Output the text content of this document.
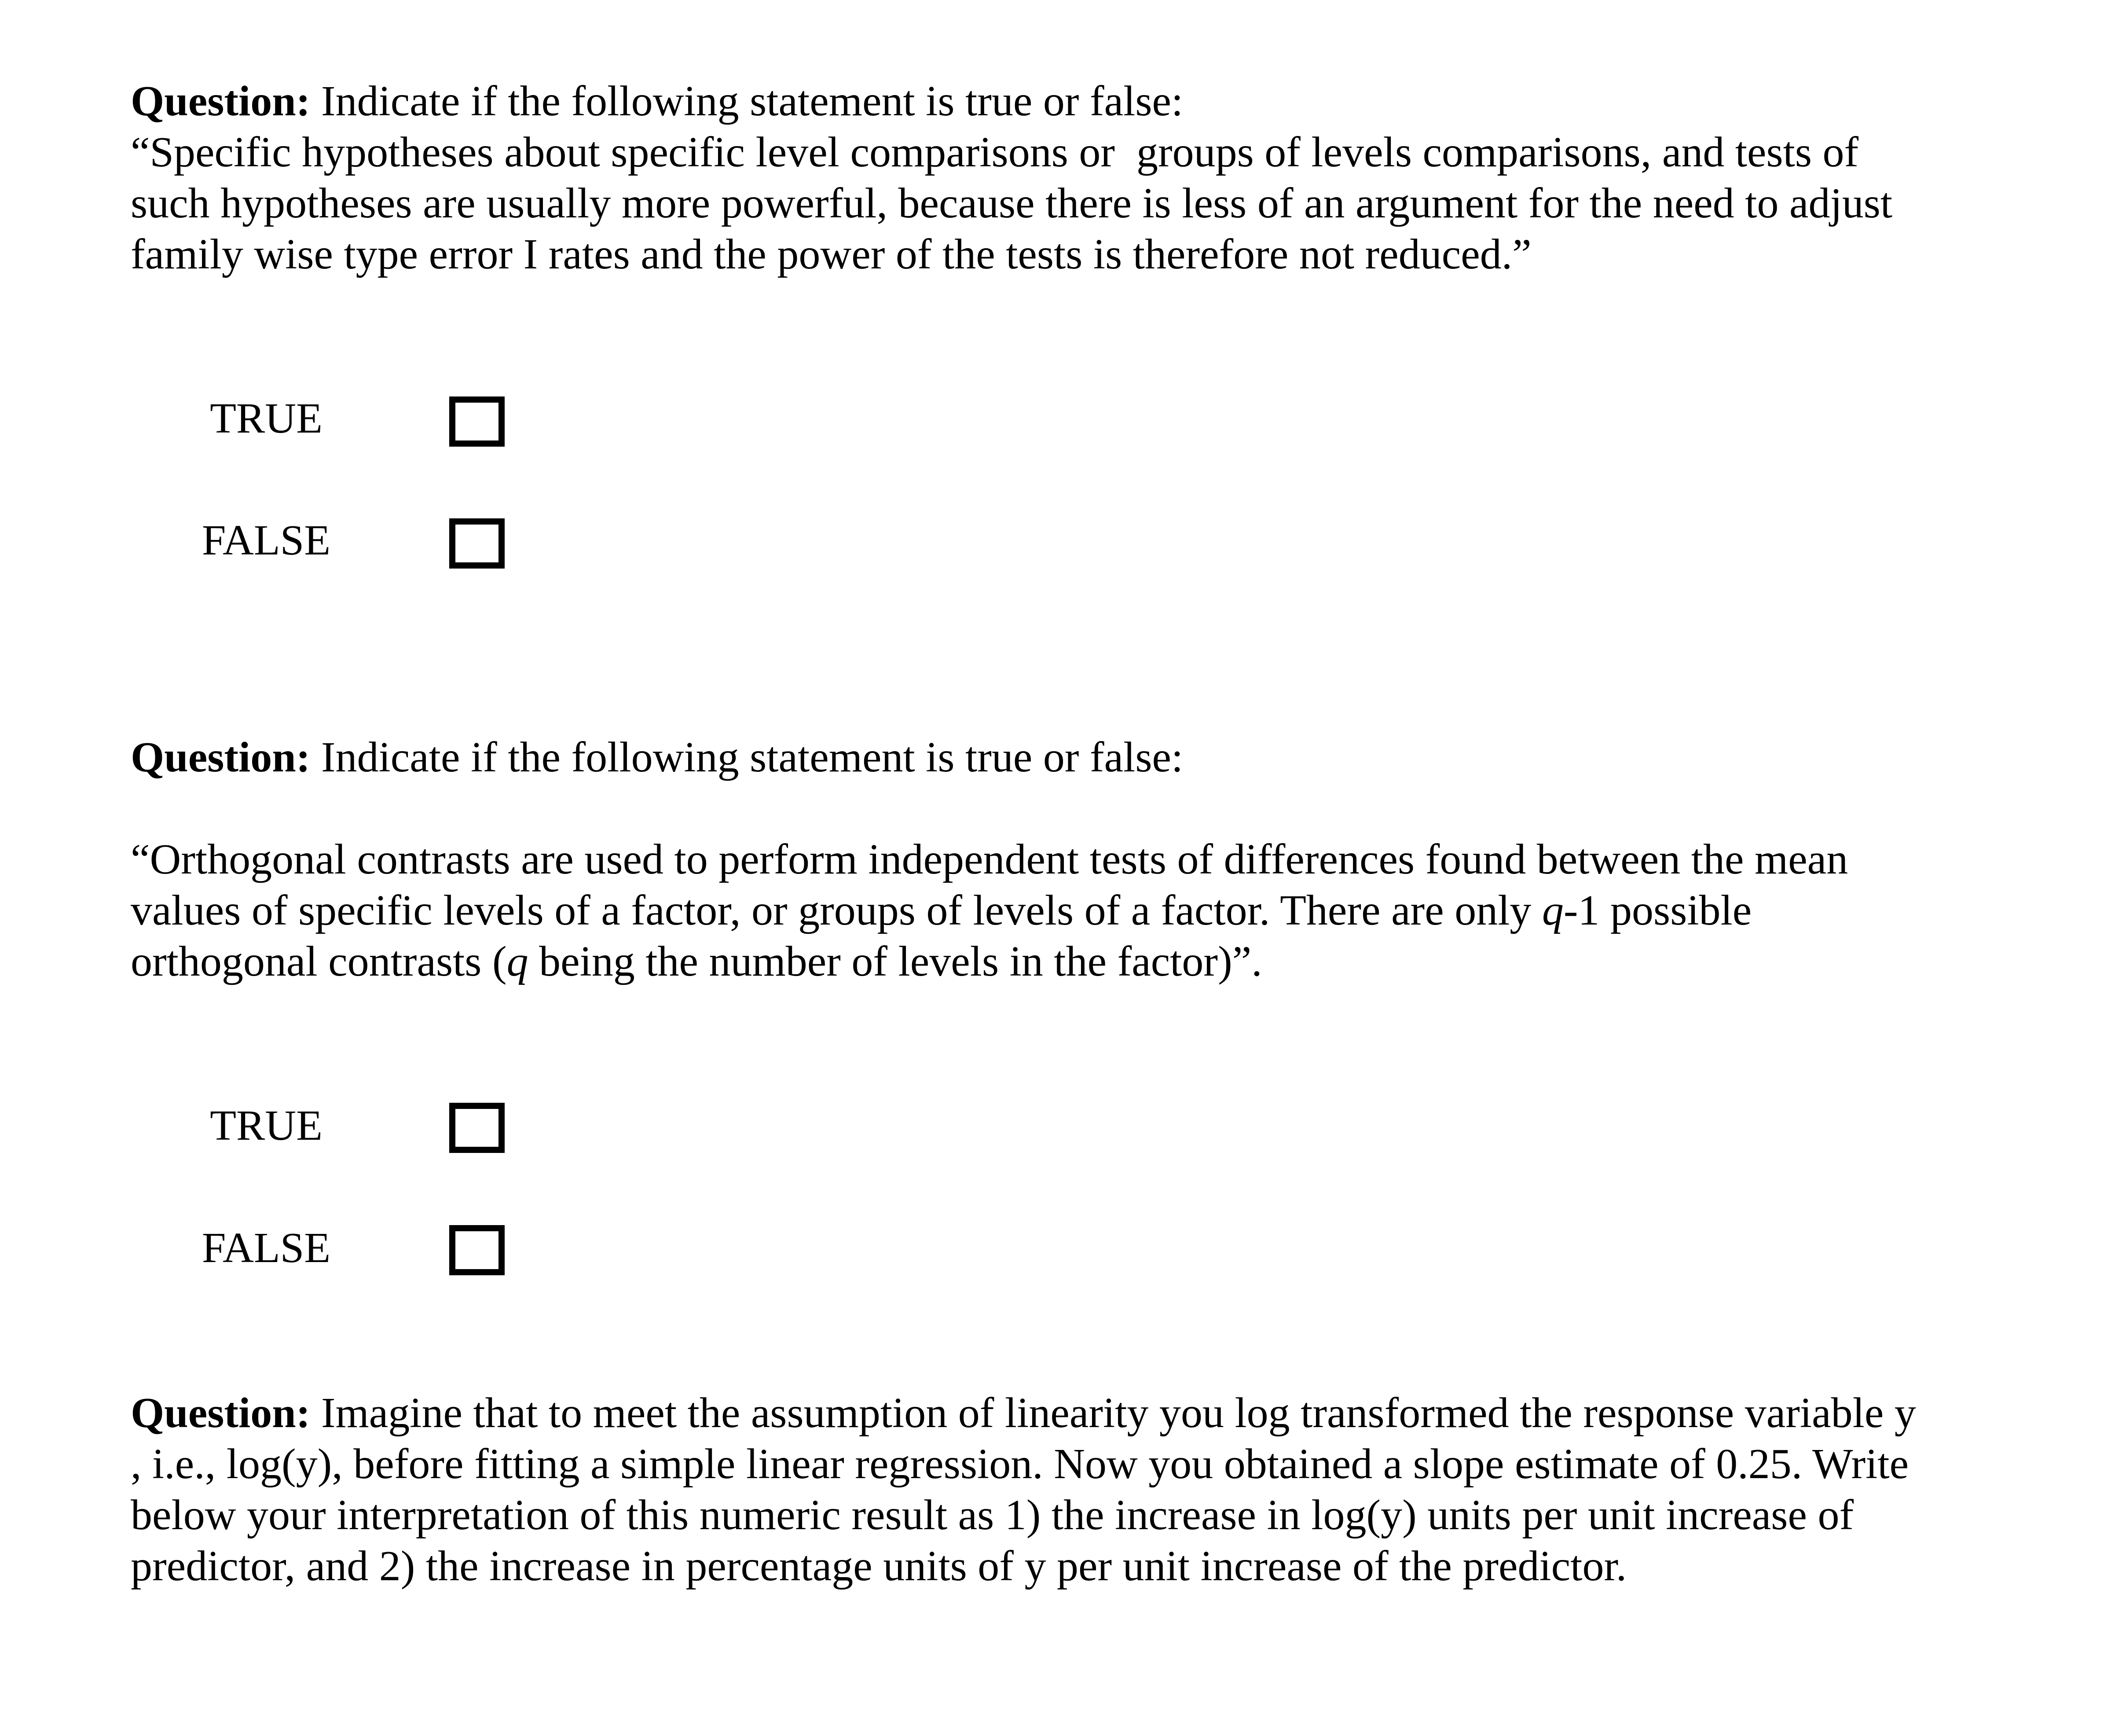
Question: Indicate if the following statement is true or false:
“Specific hypotheses about specific level comparisons or  groups of levels comparisons, and tests of
such hypotheses are usually more powerful, because there is less of an argument for the need to adjust
family wise type error I rates and the power of the tests is therefore not reduced.”
TRUE
FALSE
Question: Indicate if the following statement is true or false:
“Orthogonal contrasts are used to perform independent tests of differences found between the mean
values of specific levels of a factor, or groups of levels of a factor. There are only q-1 possible
orthogonal contrasts (q being the number of levels in the factor)”.
TRUE
FALSE
Question: Imagine that to meet the assumption of linearity you log transformed the response variable y
, i.e., log(y), before fitting a simple linear regression. Now you obtained a slope estimate of 0.25. Write
below your interpretation of this numeric result as 1) the increase in log(y) units per unit increase of
predictor, and 2) the increase in percentage units of y per unit increase of the predictor.
